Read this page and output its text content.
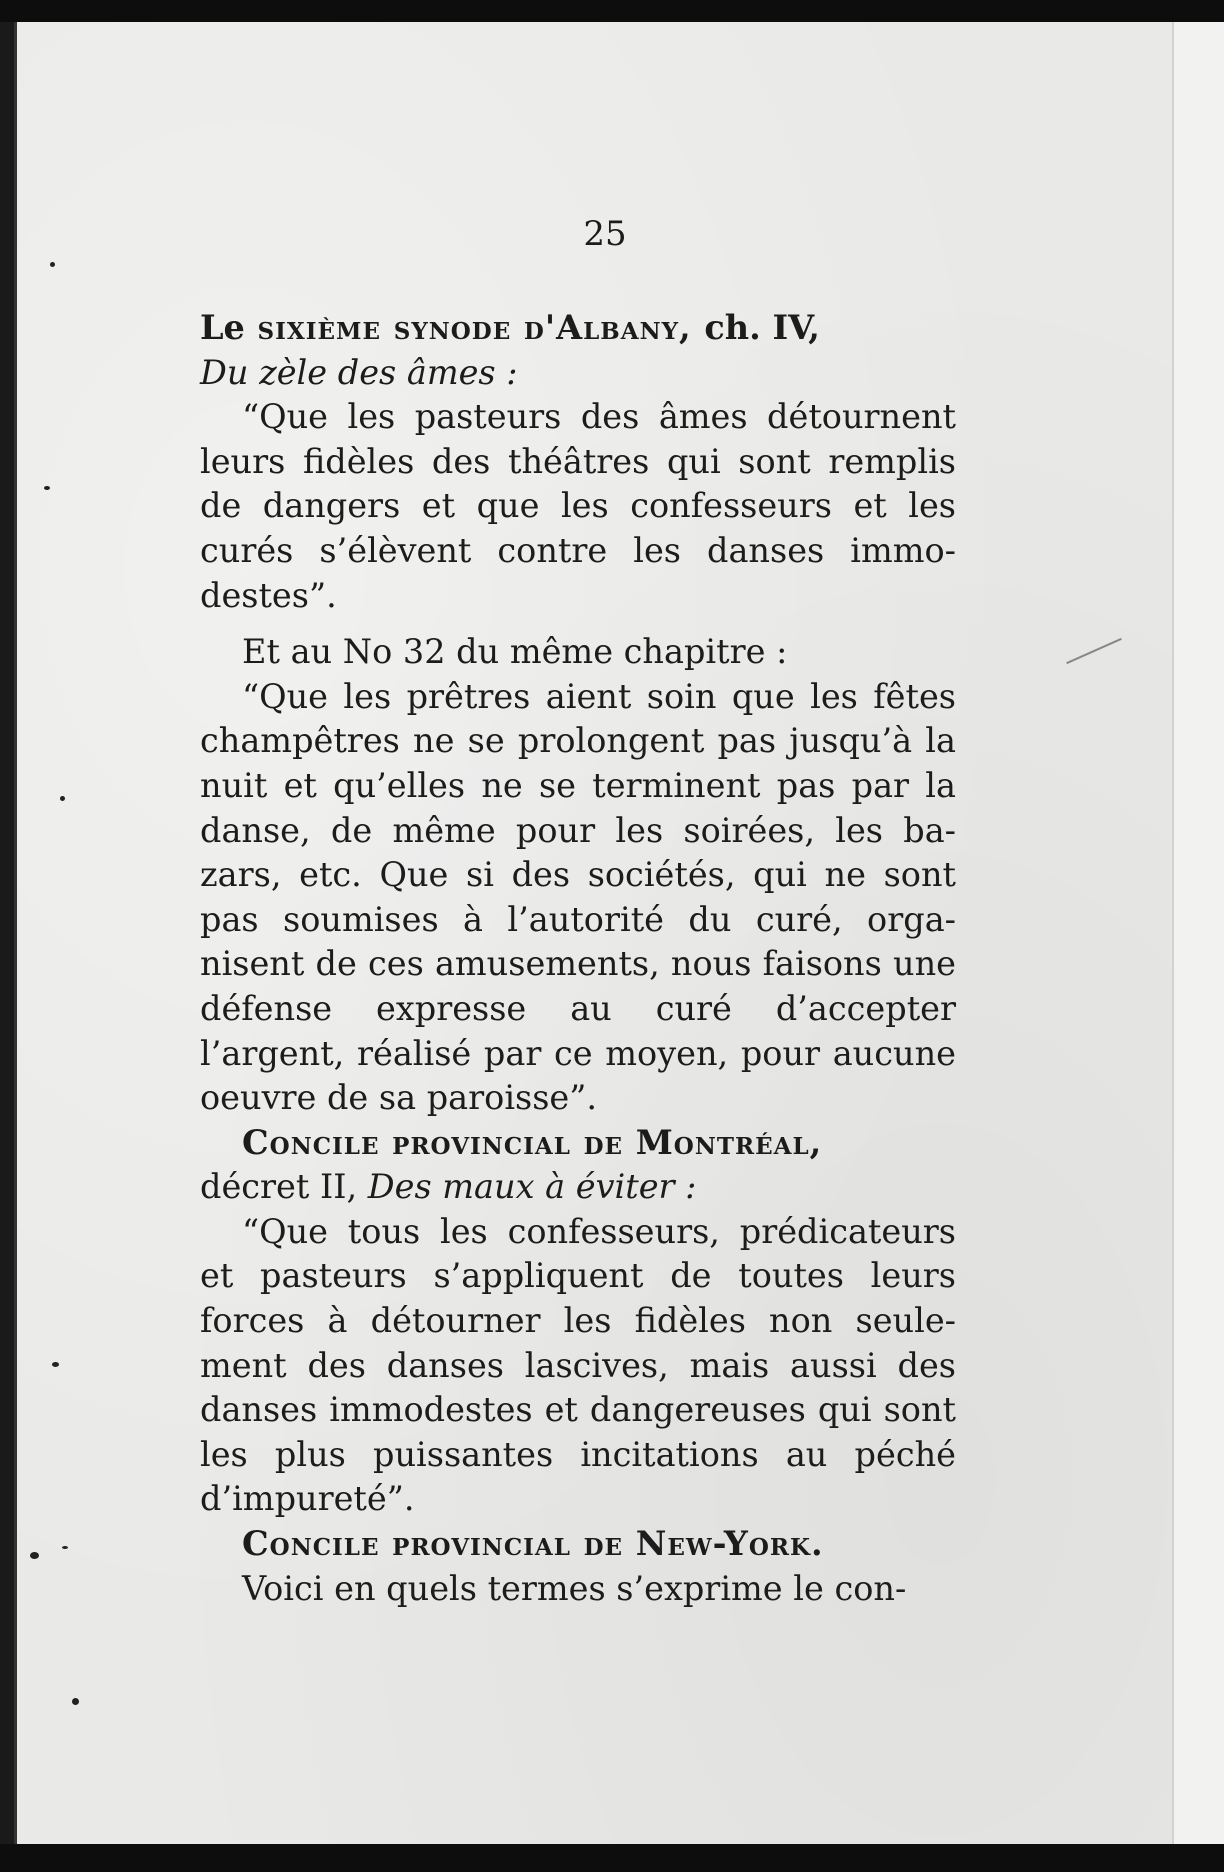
25

Le sixième synode d'Albany, ch. IV,

Du zèle des âmes :

“Que les pasteurs des âmes détournent leurs fidèles des théâtres qui sont remplis de dangers et que les confesseurs et les curés s’élèvent contre les danses immodestes”.

Et au No 32 du même chapitre :

“Que les prêtres aient soin que les fêtes champêtres ne se prolongent pas jusqu’à la nuit et qu’elles ne se terminent pas par la danse, de même pour les soirées, les bazars, etc. Que si des sociétés, qui ne sont pas soumises à l’autorité du curé, organisent de ces amusements, nous faisons une défense expresse au curé d’accepter l’argent, réalisé par ce moyen, pour aucune oeuvre de sa paroisse”.

Concile provincial de Montréal,

décret II, Des maux à éviter :

“Que tous les confesseurs, prédicateurs et pasteurs s’appliquent de toutes leurs forces à détourner les fidèles non seulement des danses lascives, mais aussi des danses immodestes et dangereuses qui sont les plus puissantes incitations au péché d’impureté”.

Concile provincial de New-York.

Voici en quels termes s’exprime le con-
